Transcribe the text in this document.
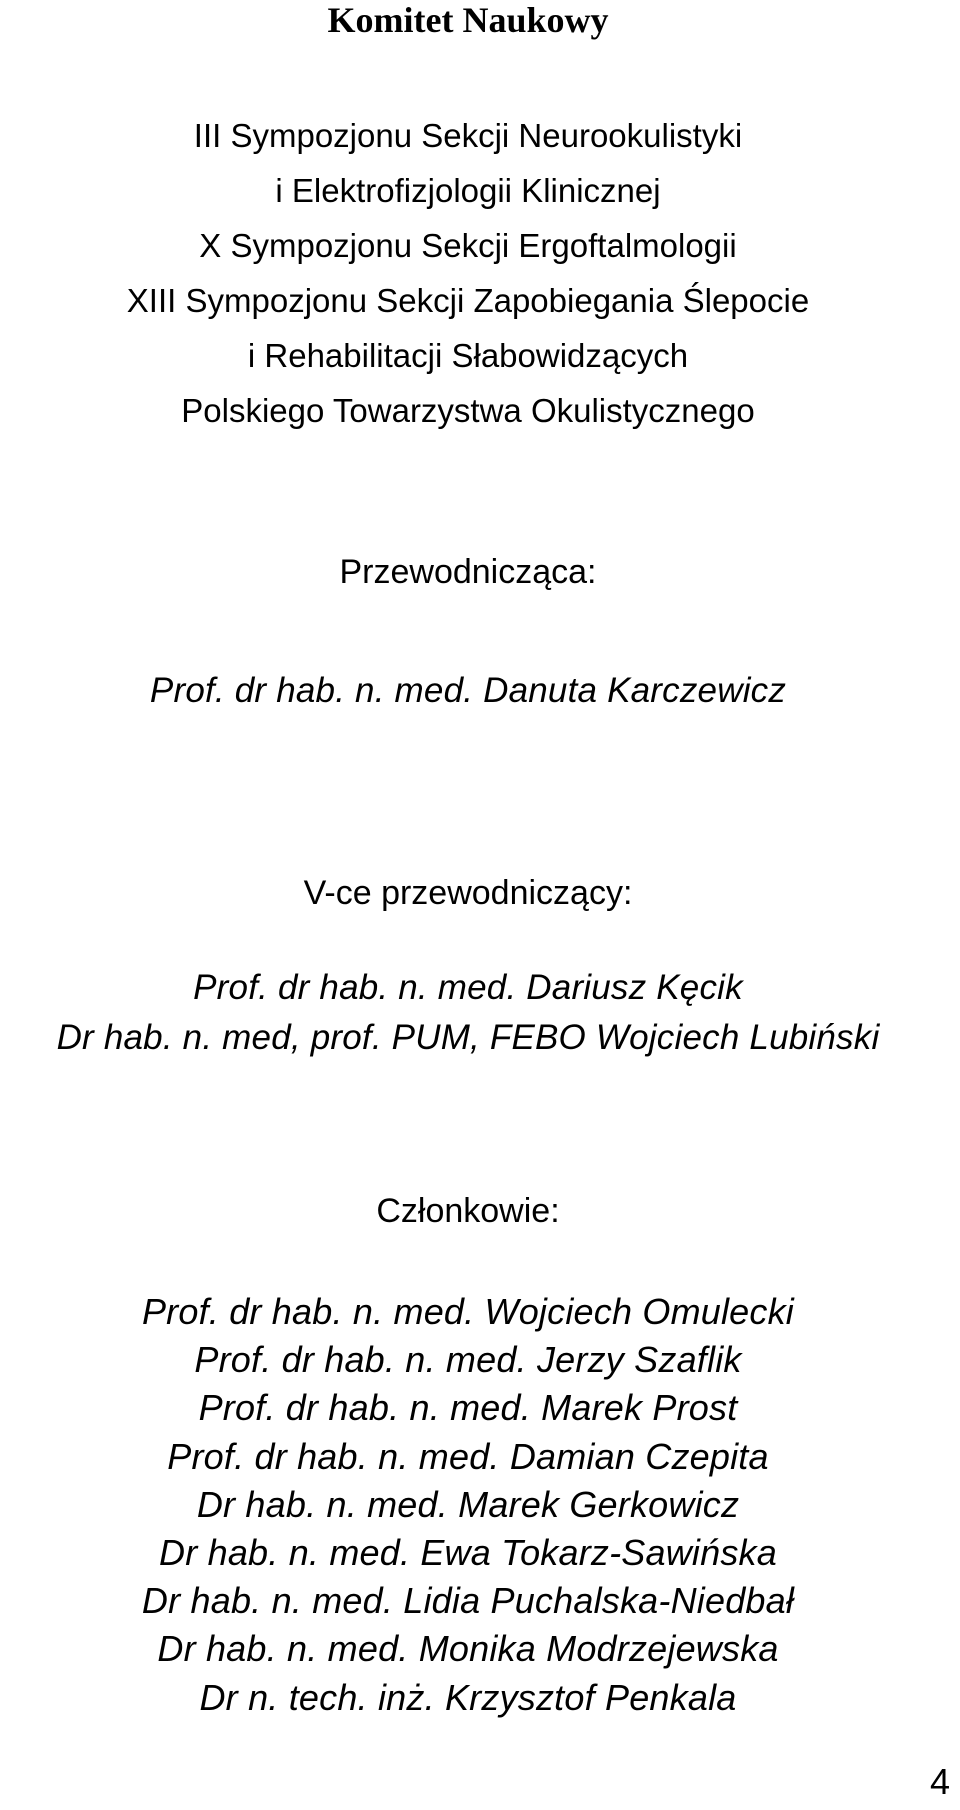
Komitet Naukowy
III Sympozjonu Sekcji Neurookulistyki
i Elektrofizjologii Klinicznej
X Sympozjonu Sekcji Ergoftalmologii
XIII Sympozjonu Sekcji Zapobiegania Ślepocie
i Rehabilitacji Słabowidzących
Polskiego Towarzystwa Okulistycznego
Przewodnicząca:
Prof. dr hab. n. med. Danuta Karczewicz
V-ce przewodniczący:
Prof. dr hab. n. med. Dariusz Kęcik
Dr hab. n. med, prof. PUM, FEBO Wojciech Lubiński
Członkowie:
Prof. dr hab. n. med. Wojciech Omulecki
Prof. dr hab. n. med. Jerzy Szaflik
Prof. dr hab. n. med. Marek Prost
Prof. dr hab. n. med. Damian Czepita
Dr hab. n. med. Marek Gerkowicz
Dr hab. n. med. Ewa Tokarz-Sawińska
Dr hab. n. med. Lidia Puchalska-Niedbał
Dr hab. n. med. Monika Modrzejewska
Dr n. tech. inż. Krzysztof Penkala
4
